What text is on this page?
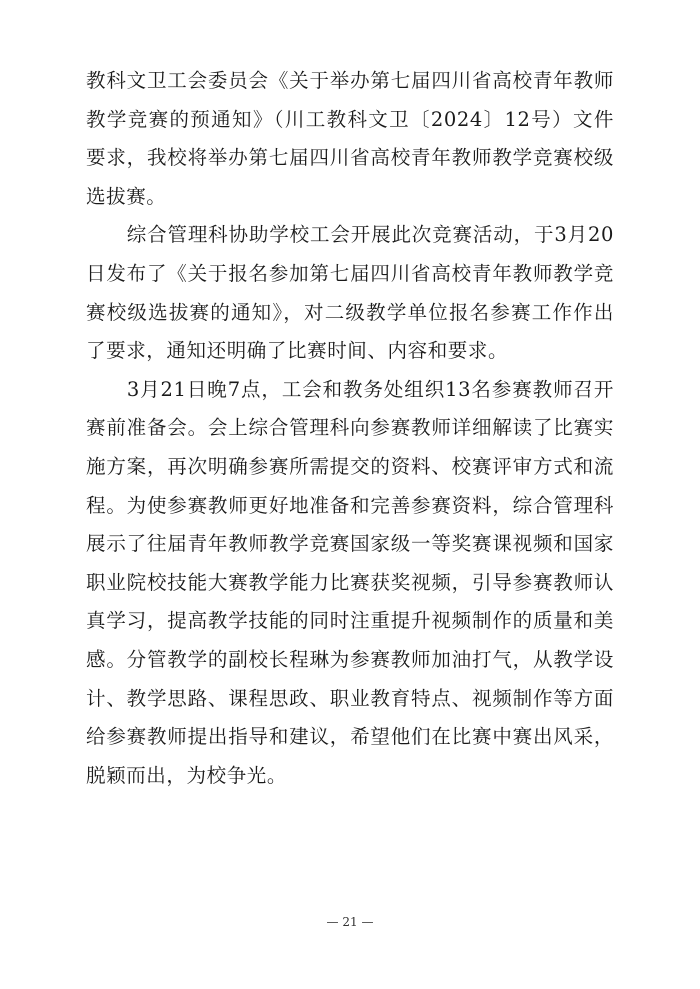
教科文卫工会委员会《关于举办第七届四川省高校青年教师教学竞赛的预通知》（川工教科文卫〔2024〕12号）文件要求，我校将举办第七届四川省高校青年教师教学竞赛校级选拔赛。

　　综合管理科协助学校工会开展此次竞赛活动，于3月20日发布了《关于报名参加第七届四川省高校青年教师教学竞赛校级选拔赛的通知》，对二级教学单位报名参赛工作作出了要求，通知还明确了比赛时间、内容和要求。

　　3月21日晚7点，工会和教务处组织13名参赛教师召开赛前准备会。会上综合管理科向参赛教师详细解读了比赛实施方案，再次明确参赛所需提交的资料、校赛评审方式和流程。为使参赛教师更好地准备和完善参赛资料，综合管理科展示了往届青年教师教学竞赛国家级一等奖赛课视频和国家职业院校技能大赛教学能力比赛获奖视频，引导参赛教师认真学习，提高教学技能的同时注重提升视频制作的质量和美感。分管教学的副校长程琳为参赛教师加油打气，从教学设计、教学思路、课程思政、职业教育特点、视频制作等方面给参赛教师提出指导和建议，希望他们在比赛中赛出风采，脱颖而出，为校争光。

— 21 —
